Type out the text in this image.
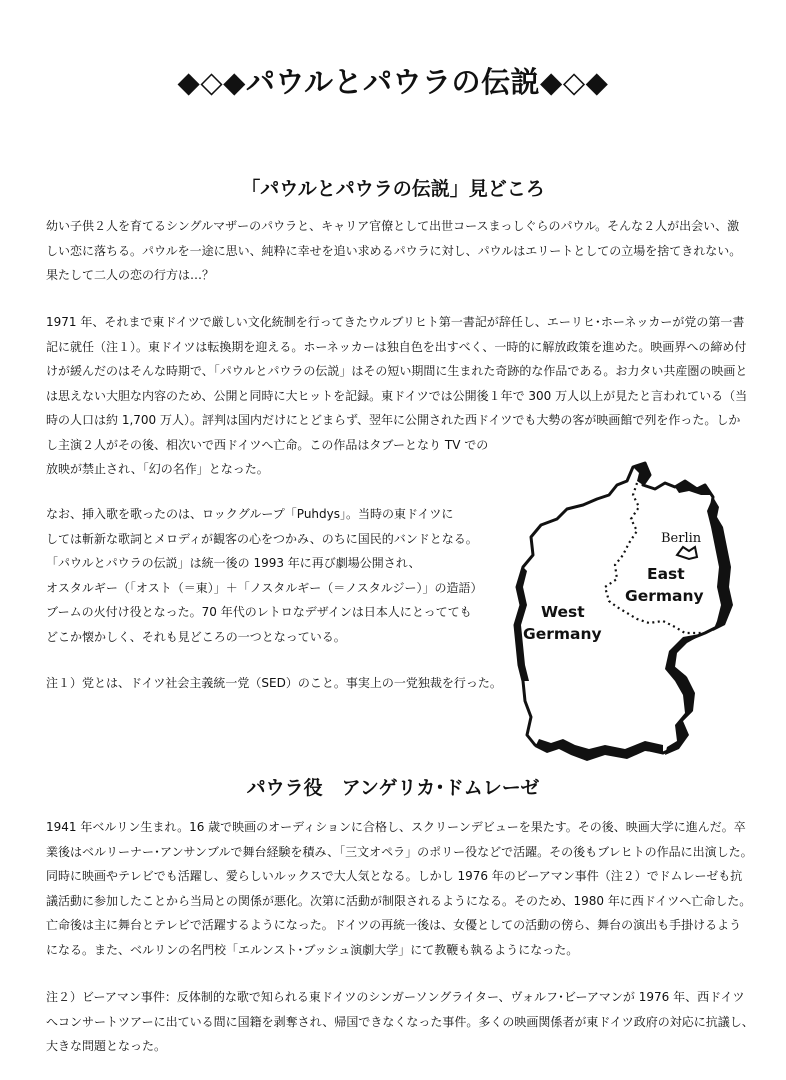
◆◇◆パウルとパウラの伝説◆◇◆
「パウルとパウラの伝説」見どころ

幼い子供２人を育てるシングルマザーのパウラと、キャリア官僚として出世コースまっしぐらのパウル。そんな２人が出会い、激
しい恋に落ちる。パウルを一途に思い、純粋に幸せを追い求めるパウラに対し、パウルはエリートとしての立場を捨てきれない。
果たして二人の恋の行方は…？

1971 年、それまで東ドイツで厳しい文化統制を行ってきたウルブリヒト第一書記が辞任し、エーリヒ･ホーネッカーが党の第一書
記に就任（注１）。東ドイツは転換期を迎える。ホーネッカーは独自色を出すべく、一時的に解放政策を進めた。映画界への締め付
けが緩んだのはそんな時期で、「パウルとパウラの伝説」はその短い期間に生まれた奇跡的な作品である。お力タい共産圏の映画と
は思えない大胆な内容のため、公開と同時に大ヒットを記録。東ドイツでは公開後１年で 300 万人以上が見たと言われている（当
時の人口は約 1,700 万人）。評判は国内だけにとどまらず、翌年に公開された西ドイツでも大勢の客が映画館で列を作った。しか
し主演２人がその後、相次いで西ドイツへ亡命。この作品はタブーとなり TV での
放映が禁止され、「幻の名作」となった。

なお、挿入歌を歌ったのは、ロックグループ「Puhdys」。当時の東ドイツに
しては斬新な歌詞とメロディが観客の心をつかみ、のちに国民的バンドとなる。
「パウルとパウラの伝説」は統一後の 1993 年に再び劇場公開され、
オスタルギー（「オスト（＝東）」＋「ノスタルギー（＝ノスタルジー）」の造語）
ブームの火付け役となった。70 年代のレトロなデザインは日本人にとってても
どこか懐かしく、それも見どころの一つとなっている。

注１）党とは、ドイツ社会主義統一党（SED）のこと。事実上の一党独裁を行った。

Berlin
East
Germany
West
Germany
パウラ役　アンゲリカ･ドムレーゼ

1941 年ベルリン生まれ。16 歳で映画のオーディションに合格し、スクリーンデビューを果たす。その後、映画大学に進んだ。卒
業後はベルリーナー･アンサンブルで舞台経験を積み、「三文オペラ」のポリー役などで活躍。その後もブレヒトの作品に出演した。
同時に映画やテレビでも活躍し、愛らしいルックスで大人気となる。しかし 1976 年のビーアマン事件（注２）でドムレーゼも抗
議活動に参加したことから当局との関係が悪化。次第に活動が制限されるようになる。そのため、1980 年に西ドイツへ亡命した。
亡命後は主に舞台とテレビで活躍するようになった。ドイツの再統一後は、女優としての活動の傍ら、舞台の演出も手掛けるよう
になる。また、ベルリンの名門校「エルンスト･ブッシュ演劇大学」にて教鞭も執るようになった。

注２）ビーアマン事件：反体制的な歌で知られる東ドイツのシンガーソングライター、ヴォルフ･ビーアマンが 1976 年、西ドイツ
へコンサートツアーに出ている間に国籍を剥奪され、帰国できなくなった事件。多くの映画関係者が東ドイツ政府の対応に抗議し、
大きな問題となった。
